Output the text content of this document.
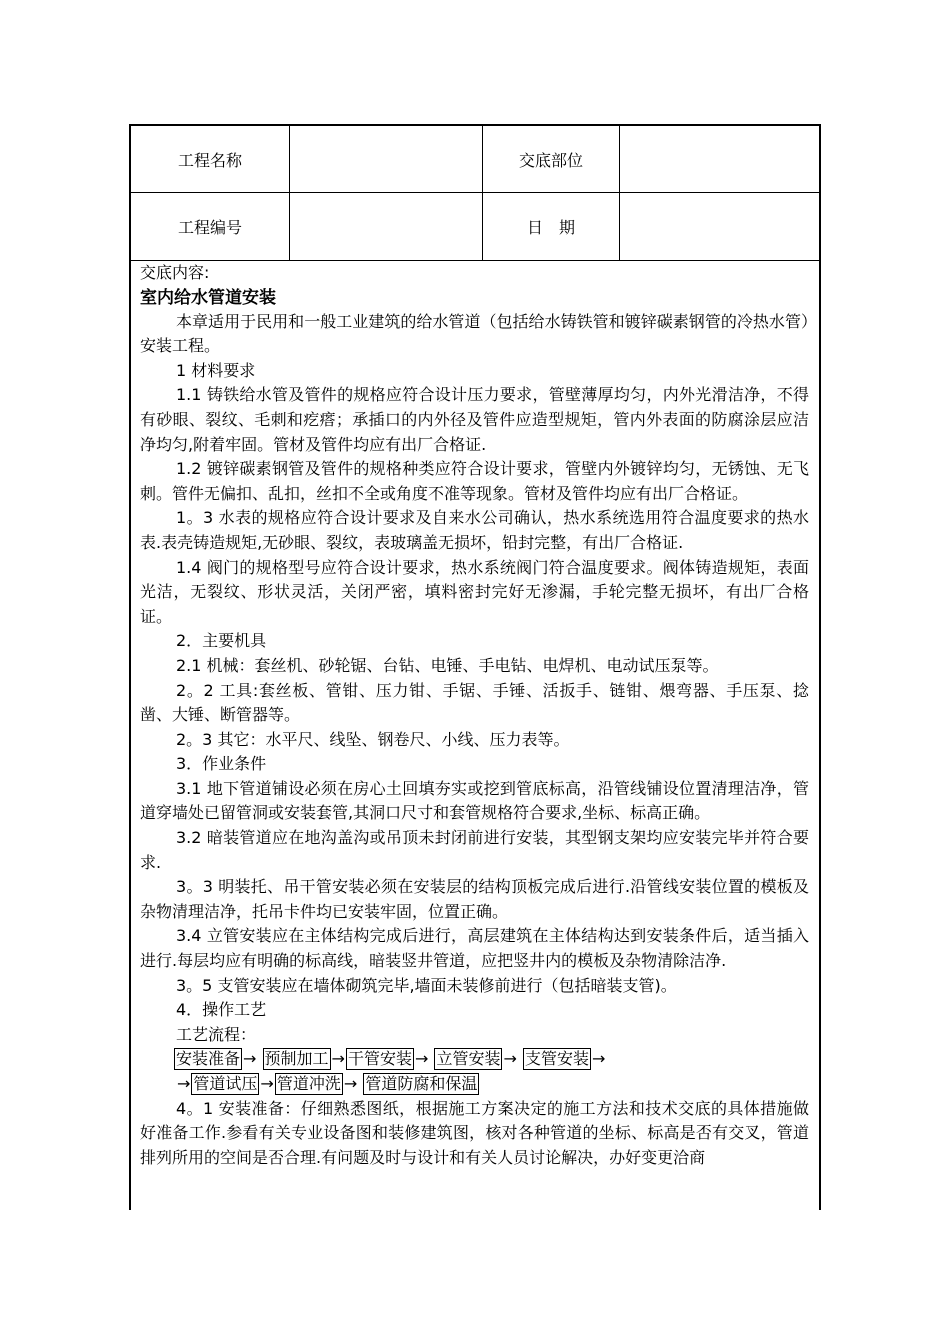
工程名称	交底部位
工程编号	日　期

交底内容:

室内给水管道安装

本章适用于民用和一般工业建筑的给水管道（包括给水铸铁管和镀锌碳素钢管的冷热水管）安装工程。

1 材料要求

1.1 铸铁给水管及管件的规格应符合设计压力要求，管壁薄厚均匀，内外光滑洁净，不得有砂眼、裂纹、毛刺和疙瘩；承插口的内外径及管件应造型规矩，管内外表面的防腐涂层应洁净均匀,附着牢固。管材及管件均应有出厂合格证.

1.2 镀锌碳素钢管及管件的规格种类应符合设计要求，管壁内外镀锌均匀，无锈蚀、无飞刺。管件无偏扣、乱扣，丝扣不全或角度不准等现象。管材及管件均应有出厂合格证。

1。3 水表的规格应符合设计要求及自来水公司确认，热水系统选用符合温度要求的热水表.表壳铸造规矩,无砂眼、裂纹，表玻璃盖无损坏，铅封完整，有出厂合格证.

1.4 阀门的规格型号应符合设计要求，热水系统阀门符合温度要求。阀体铸造规矩，表面光洁，无裂纹、形状灵活，关闭严密，填料密封完好无渗漏，手轮完整无损坏，有出厂合格证。

2．主要机具

2.1 机械：套丝机、砂轮锯、台钻、电锤、手电钻、电焊机、电动试压泵等。

2。2 工具:套丝板、管钳、压力钳、手锯、手锤、活扳手、链钳、煨弯器、手压泵、捻凿、大锤、断管器等。

2。3 其它：水平尺、线坠、钢卷尺、小线、压力表等。

3．作业条件

3.1 地下管道铺设必须在房心土回填夯实或挖到管底标高，沿管线铺设位置清理洁净，管道穿墙处已留管洞或安装套管,其洞口尺寸和套管规格符合要求,坐标、标高正确。

3.2 暗装管道应在地沟盖沟或吊顶未封闭前进行安装，其型钢支架均应安装完毕并符合要求.

3。3 明装托、吊干管安装必须在安装层的结构顶板完成后进行.沿管线安装位置的模板及杂物清理洁净，托吊卡件均已安装牢固，位置正确。

3.4 立管安装应在主体结构完成后进行，高层建筑在主体结构达到安装条件后，适当插入进行.每层均应有明确的标高线，暗装竖井管道，应把竖井内的模板及杂物清除洁净.

3。5 支管安装应在墙体砌筑完毕,墙面未装修前进行（包括暗装支管)。

4．操作工艺

工艺流程：

安装准备 → 预制加工 → 干管安装 → 立管安装 → 支管安装 →
→ 管道试压 → 管道冲洗 → 管道防腐和保温

4。1 安装准备：仔细熟悉图纸，根据施工方案决定的施工方法和技术交底的具体措施做好准备工作.参看有关专业设备图和装修建筑图，核对各种管道的坐标、标高是否有交叉，管道排列所用的空间是否合理.有问题及时与设计和有关人员讨论解决，办好变更洽商
